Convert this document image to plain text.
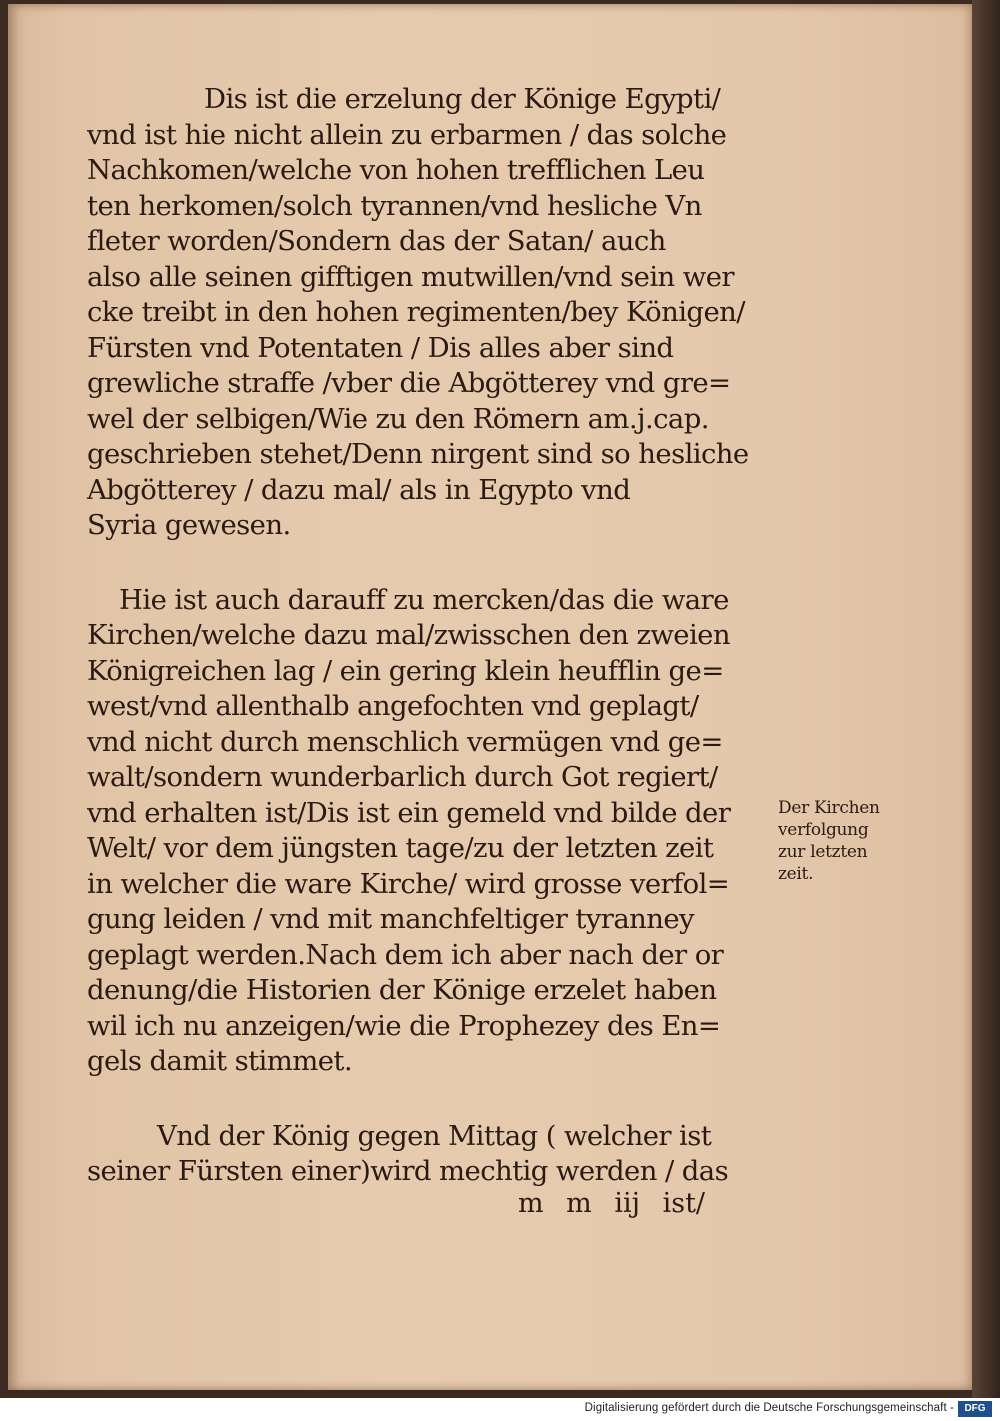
Dis ist die erzelung der Könige Egypti/
vnd ist hie nicht allein zu erbarmen / das solche
Nachkomen/welche von hohen trefflichen Leu
ten herkomen/solch tyrannen/vnd hesliche Vn
fleter worden/Sondern das der Satan/ auch
also alle seinen gifftigen mutwillen/vnd sein wer
cke treibt in den hohen regimenten/bey Königen/
Fürsten vnd Potentaten / Dis alles aber sind
grewliche straffe /vber die Abgötterey vnd gre=
wel der selbigen/Wie zu den Römern am.j.cap.
geschrieben stehet/Denn nirgent sind so hesliche
Abgötterey / dazu mal/ als in Egypto vnd
Syria gewesen.
Hie ist auch darauff zu mercken/das die ware
Kirchen/welche dazu mal/zwisschen den zweien
Königreichen lag / ein gering klein heufflin ge=
west/vnd allenthalb angefochten vnd geplagt/
vnd nicht durch menschlich vermügen vnd ge=
walt/sondern wunderbarlich durch Got regiert/
vnd erhalten ist/Dis ist ein gemeld vnd bilde der
Welt/ vor dem jüngsten tage/zu der letzten zeit
in welcher die ware Kirche/ wird grosse verfol=
gung leiden / vnd mit manchfeltiger tyranney
geplagt werden.Nach dem ich aber nach der or
denung/die Historien der Könige erzelet haben
wil ich nu anzeigen/wie die Prophezey des En=
gels damit stimmet.
Vnd der König gegen Mittag ( welcher ist
seiner Fürsten einer)wird mechtig werden / das
m m iij ist/
Der Kirchen
verfolgung
zur letzten
zeit.
Digitalisierung gefördert durch die Deutsche Forschungsgemeinschaft -	DFG
